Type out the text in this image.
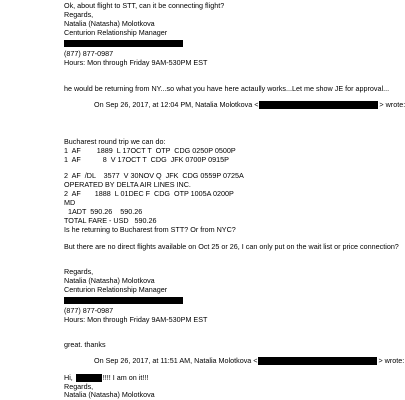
Ok, about flight to STT, can it be connecting flight?
Regards,
Natalia (Natasha) Molotkova
Centurion Relationship Manager
(877) 877-0987
Hours: Mon through Friday 9AM-530PM EST
he would be returning from NY...so what you have here actaully works...Let me show JE for approval...
On Sep 26, 2017, at 12:04 PM, Natalia Molotkova <	> wrote:
Bucharest round trip we can do:
1  AF        1889  L 17OCT T  OTP  CDG 0250P 0500P
1  AF           8  V 17OCT T  CDG  JFK 0700P 0915P
2  AF  /DL    3577  V 30NOV Q  JFK  CDG 0559P 0725A
OPERATED BY DELTA AIR LINES INC.
2  AF       1888  L 01DEC F  CDG  OTP 1005A 0200P
MD
1ADT  590.26    590.26
TOTAL FARE - USD   590.26
Is he returning to Bucharest from STT? Or from NYC?
But there are no direct flights available on Oct 25 or 26, I can only put on the wait list or price connection?
Regards,
Natalia (Natasha) Molotkova
Centurion Relationship Manager
(877) 877-0987
Hours: Mon through Friday 9AM-530PM EST
great. thanks
On Sep 26, 2017, at 11:51 AM, Natalia Molotkova <	> wrote:
Hi,	!!!! I am on it!!!
Regards,
Natalia (Natasha) Molotkova
